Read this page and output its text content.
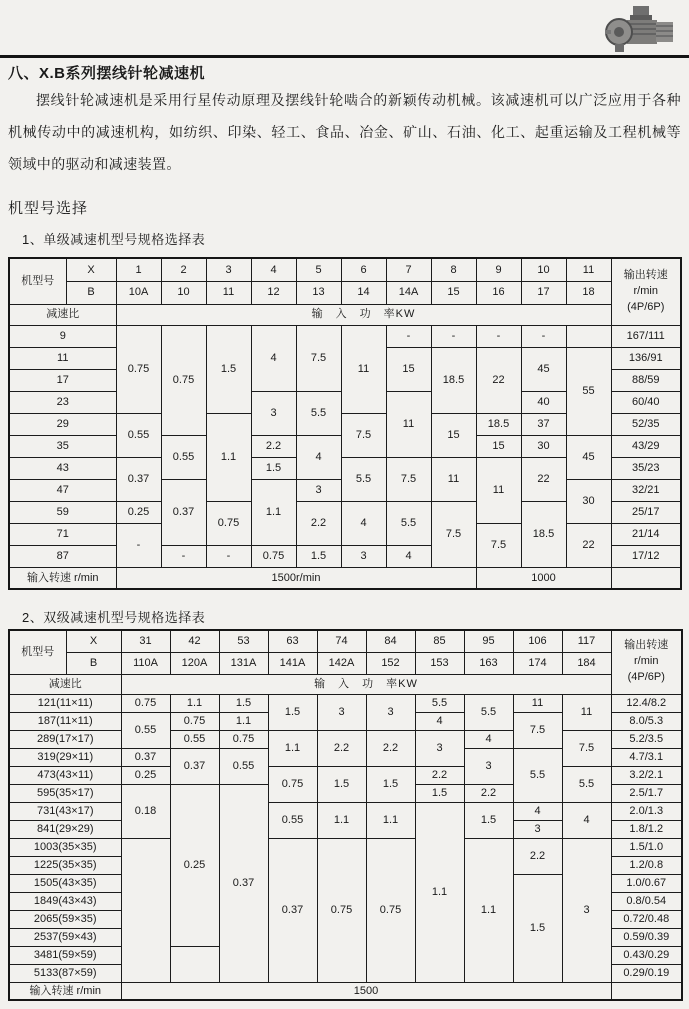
八、X.B系列摆线针轮减速机

摆线针轮减速机是采用行星传动原理及摆线针轮啮合的新颖传动机械。该减速机可以广泛应用于各种机械传动中的减速机构，如纺织、印染、轻工、食品、冶金、矿山、石油、化工、起重运输及工程机械等领域中的驱动和减速装置。

机型号选择

1、单级减速机型号规格选择表

机型号	X	1	2	3	4	5	6	7	8	9	10	11	输出转速
r/min
(4P/6P)
	B	10A	10	11	12	13	14	14A	15	16	17	18	
减速比		输　入　功　率KW											
9		0.75	0.75	1.5	4	7.5	11	-	-	-	-		167/111
11								15	18.5	22	45	55	136/91
17													88/59
23					3	5.5		11			40		60/40
29		0.55		1.1			7.5		15	18.5	37		52/35
35			0.55		2.2	4				15	30	45	43/29
43		0.37			1.5		5.5	7.5	11	11	22		35/23
47			0.37		1.1	3						30	32/21
59		0.25		0.75		2.2	4	5.5	7.5		18.5		25/17
71		-								7.5		22	21/14
87			-	-	0.75	1.5	3	4					17/12
输入转速 r/min		1500r/min								1000			

2、双级减速机型号规格选择表

机型号	X	31	42	53	63	74	84	85	95	106	117	输出转速
r/min
(4P/6P)
	B	110A	120A	131A	141A	142A	152	153	163	174	184	
减速比		输　入　功　率KW										
121(11×11)		0.75	1.1	1.5	1.5	3	3	5.5	5.5	11	11	12.4/8.2
187(11×11)		0.55	0.75	1.1				4		7.5		8.0/5.3
289(17×17)			0.55	0.75	1.1	2.2	2.2	3	4		7.5	5.2/3.5
319(29×11)		0.37	0.37	0.55					3	5.5		4.7/3.1
473(43×11)		0.25			0.75	1.5	1.5	2.2			5.5	3.2/2.1
595(35×17)		0.18	0.25	0.37				1.5	2.2			2.5/1.7
731(43×17)					0.55	1.1	1.1	1.1	1.5	4	4	2.0/1.3
841(29×29)										3		1.8/1.2
1003(35×35)					0.37	0.75	0.75		1.1	2.2	3	1.5/1.0
1225(35×35)												1.2/0.8
1505(43×35)										1.5		1.0/0.67
1849(43×43)												0.8/0.54
2065(59×35)												0.72/0.48
2537(59×43)												0.59/0.39
3481(59×59)												0.43/0.29
5133(87×59)												0.29/0.19
输入转速 r/min		1500										
